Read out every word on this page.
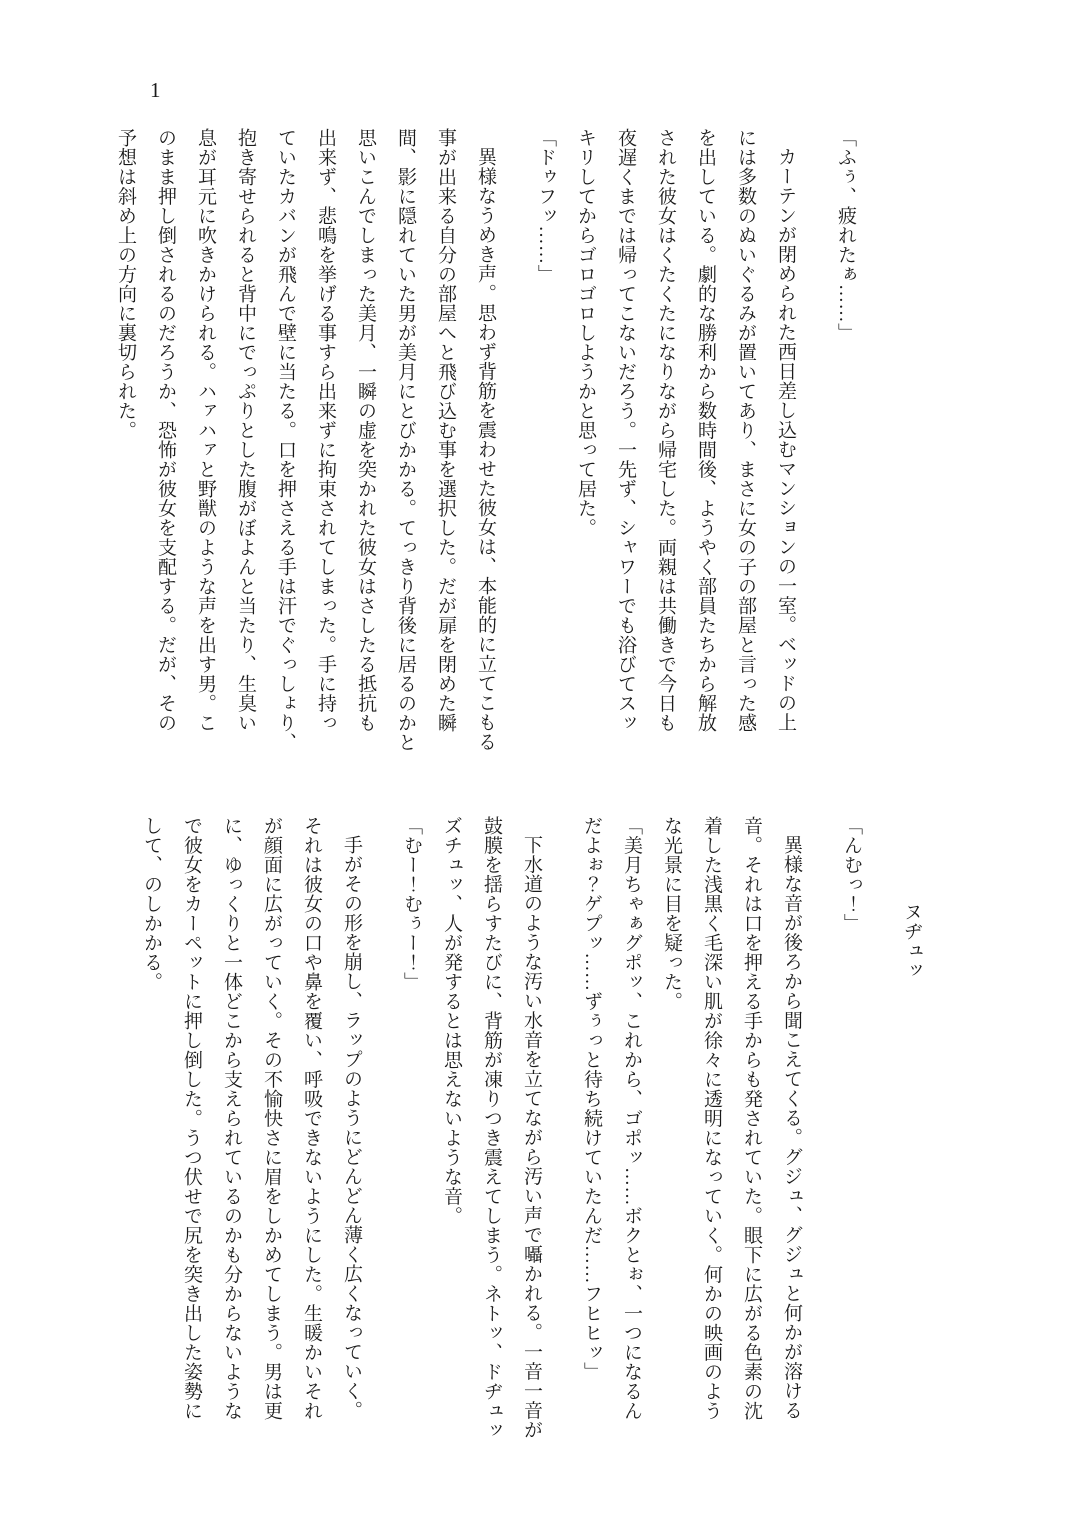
1
「ふぅ、疲れたぁ……」
カーテンが閉められた西日差し込むマンションの一室。ベッドの上
には多数のぬいぐるみが置いてあり、まさに女の子の部屋と言った感
を出している。劇的な勝利から数時間後、ようやく部員たちから解放
された彼女はくたくたになりながら帰宅した。両親は共働きで今日も
夜遅くまでは帰ってこないだろう。一先ず、シャワーでも浴びてスッ
キリしてからゴロゴロしようかと思って居た。
「ドゥフッ……」
異様なうめき声。思わず背筋を震わせた彼女は、本能的に立てこもる
事が出来る自分の部屋へと飛び込む事を選択した。だが扉を閉めた瞬
間、影に隠れていた男が美月にとびかかる。てっきり背後に居るのかと
思いこんでしまった美月、一瞬の虚を突かれた彼女はさしたる抵抗も
出来ず、悲鳴を挙げる事すら出来ずに拘束されてしまった。手に持っ
ていたカバンが飛んで壁に当たる。口を押さえる手は汗でぐっしょり、
抱き寄せられると背中にでっぷりとした腹がぼよんと当たり、生臭い
息が耳元に吹きかけられる。ハァハァと野獣のような声を出す男。こ
のまま押し倒されるのだろうか、恐怖が彼女を支配する。だが、その
予想は斜め上の方向に裏切られた。
ヌヂュッ
「んむっ！」
異様な音が後ろから聞こえてくる。グジュ、グジュと何かが溶ける
音。それは口を押える手からも発されていた。眼下に広がる色素の沈
着した浅黒く毛深い肌が徐々に透明になっていく。何かの映画のよう
な光景に目を疑った。
「美月ちゃぁグポッ、これから、ゴポッ……ボクとぉ、一つになるん
だよぉ？ゲプッ……ずぅっと待ち続けていたんだ……フヒヒッ」
下水道のような汚い水音を立てながら汚い声で囁かれる。一音一音が
鼓膜を揺らすたびに、背筋が凍りつき震えてしまう。ネトッ、ドヂュッ
ズチュッ、人が発するとは思えないような音。
「むー！むぅー！」
手がその形を崩し、ラップのようにどんどん薄く広くなっていく。
それは彼女の口や鼻を覆い、呼吸できないようにした。生暖かいそれ
が顔面に広がっていく。その不愉快さに眉をしかめてしまう。男は更
に、ゆっくりと一体どこから支えられているのかも分からないような
で彼女をカーペットに押し倒した。うつ伏せで尻を突き出した姿勢に
して、のしかかる。
